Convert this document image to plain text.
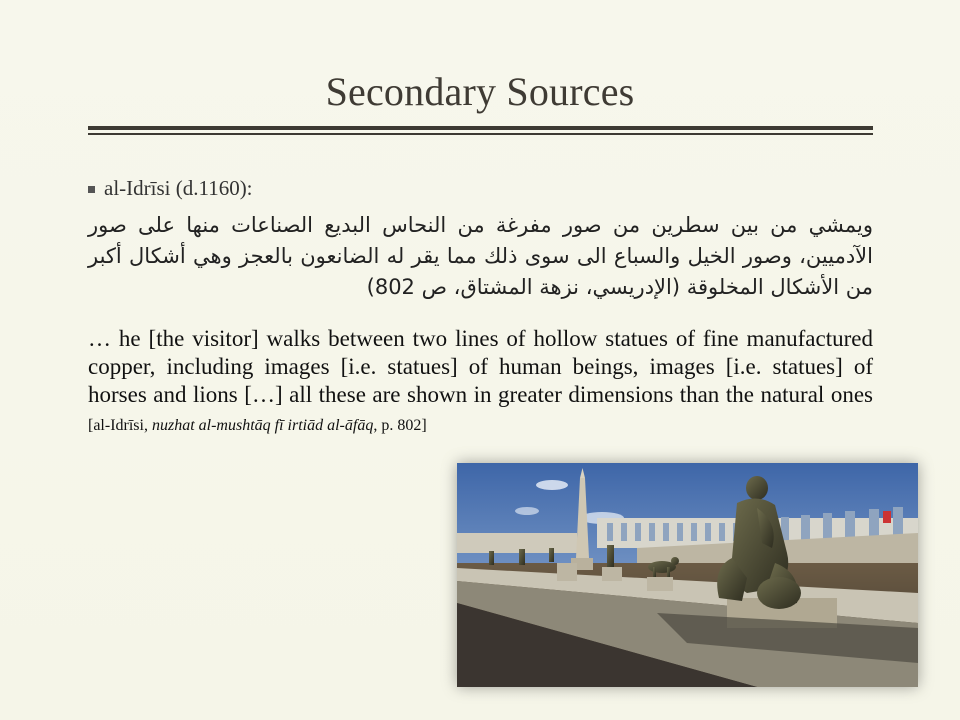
Secondary Sources
al-Idrīsi (d.1160):
ويمشي من بين سطرين من صور مفرغة من النحاس البديع الصناعات منها على صور الآدميين، وصور الخيل والسباع الى سوى ذلك مما يقر له الضانعون بالعجز وهي أشكال أكبر من الأشكال المخلوقة (الإدريسي، نزهة المشتاق، ص 802)
… he [the visitor] walks between two lines of hollow statues of fine manufactured copper, including images [i.e. statues] of human beings, images [i.e. statues] of horses and lions […] all these are shown in greater dimensions than the natural ones [al-Idrīsi, nuzhat al-mushtāq fī irtiād al-āfāq, p. 802]
